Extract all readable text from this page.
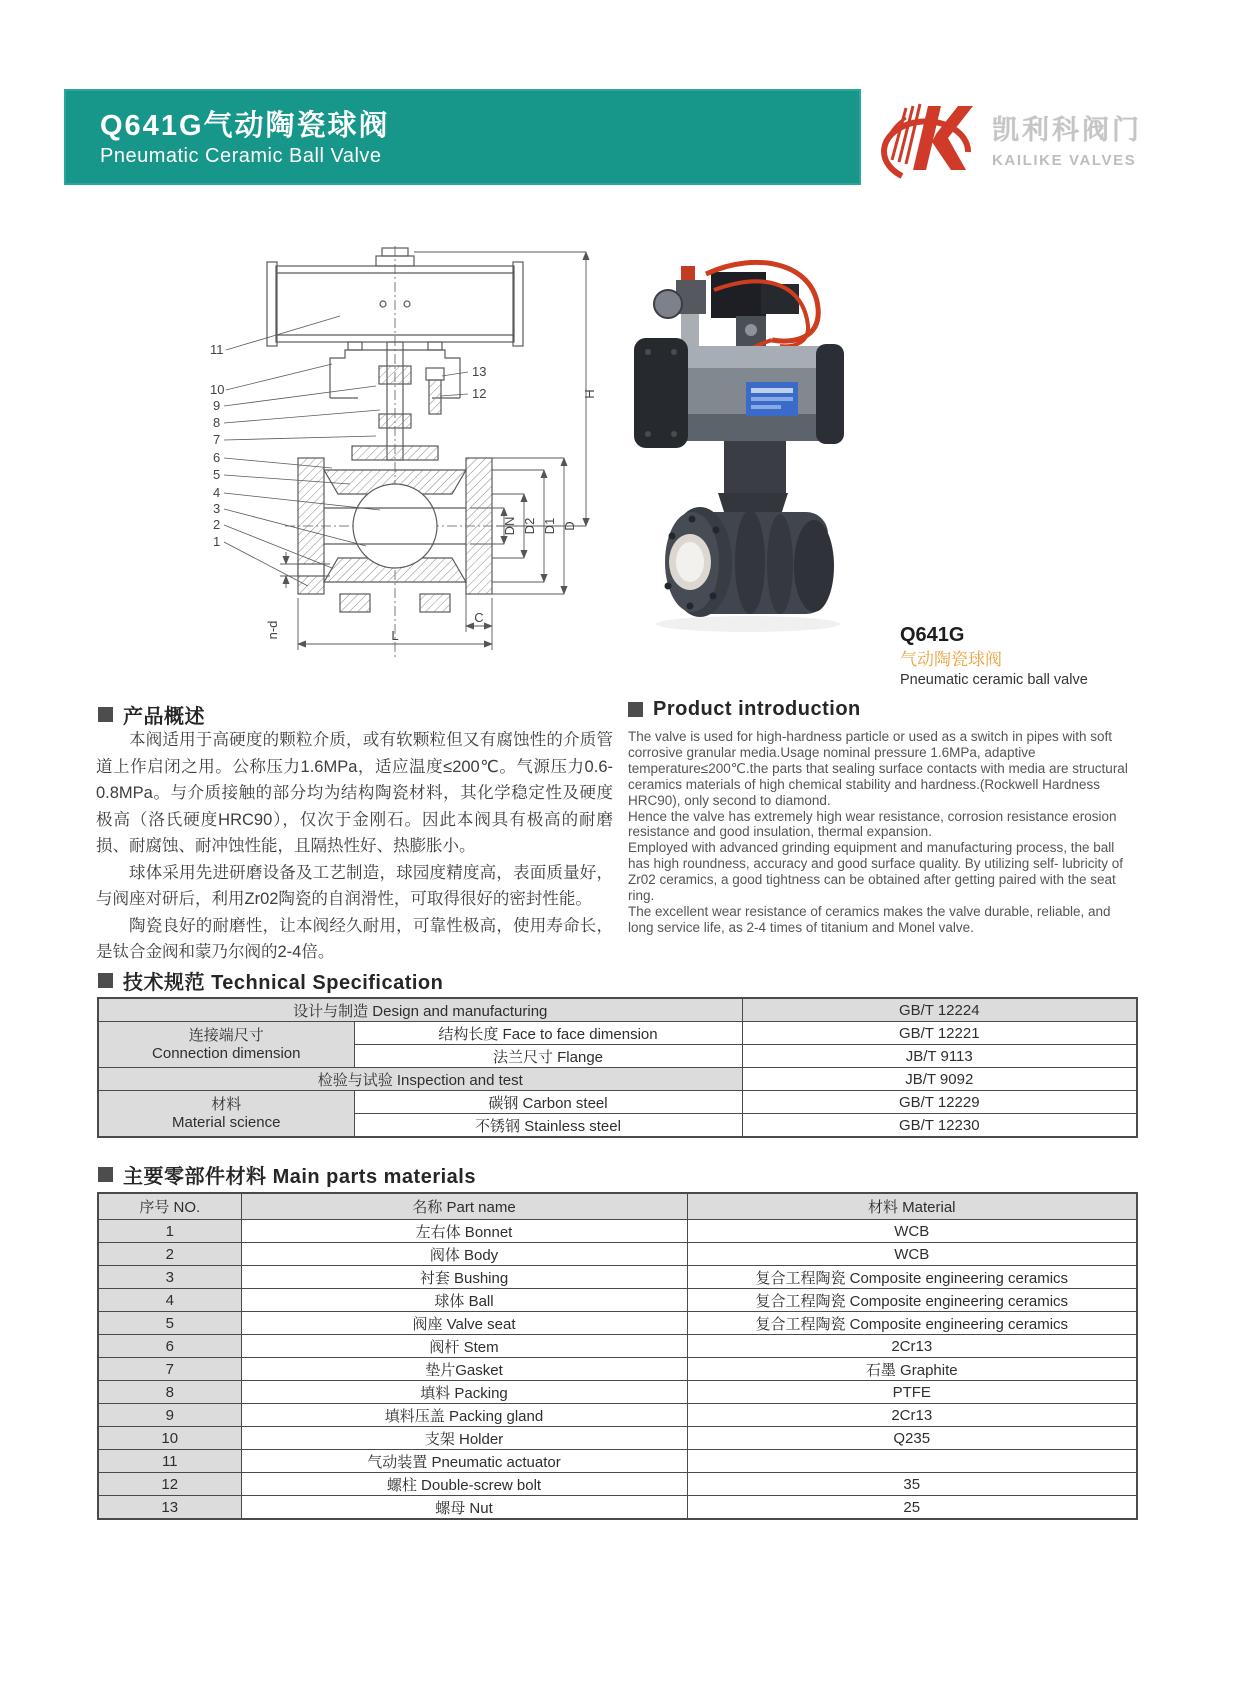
Q641G气动陶瓷球阀
Pneumatic Ceramic Ball Valve
凯利科阀门
KAILIKE VALVES
11
10
9
8
7
6
5
4
3
2
1
13
12	H
D
D1
D2
DN
L
C
n-d	Q641G
气动陶瓷球阀
Pneumatic ceramic ball valve
产品概述

本阀适用于高硬度的颗粒介质，或有软颗粒但又有腐蚀性的介质管道上作启闭之用。公称压力1.6MPa，适应温度≤200℃。气源压力0.6-0.8MPa。与介质接触的部分均为结构陶瓷材料，其化学稳定性及硬度极高（洛氏硬度HRC90），仅次于金刚石。因此本阀具有极高的耐磨损、耐腐蚀、耐冲蚀性能，且隔热性好、热膨胀小。

球体采用先进研磨设备及工艺制造，球园度精度高，表面质量好，与阀座对研后，利用Zr02陶瓷的自润滑性，可取得很好的密封性能。

陶瓷良好的耐磨性，让本阀经久耐用，可靠性极高，使用寿命长，是钛合金阀和蒙乃尔阀的2-4倍。

Product introduction

The valve is used for high-hardness particle or used as a switch in pipes with soft corrosive granular media.Usage nominal pressure 1.6MPa, adaptive temperature≤200℃.the parts that sealing surface contacts with media are structural ceramics materials of high chemical stability and hardness.(Rockwell Hardness HRC90), only second to diamond.

Hence the valve has extremely high wear resistance, corrosion resistance erosion resistance and good insulation, thermal expansion.

Employed with advanced grinding equipment and manufacturing process, the ball has high roundness, accuracy and good surface quality. By utilizing self- lubricity of Zr02 ceramics, a good tightness can be obtained after getting paired with the seat ring.

The excellent wear resistance of ceramics makes the valve durable, reliable, and long service life, as 2-4 times of titanium and Monel valve.

技术规范 Technical Specification
设计与制造 Design and manufacturing		GB/T 12224

连接端尺寸
Connection dimension	结构长度 Face to face dimension	GB/T 12221
	法兰尺寸 Flange	JB/T 9113
检验与试验 Inspection and test		JB/T 9092

材料
Material science	碳钢 Carbon steel	GB/T 12229
	不锈钢 Stainless steel	GB/T 12230
主要零部件材料 Main parts materials
序号 NO.	名称 Part name	材料 Material
1	左右体 Bonnet	WCB
2	阀体 Body	WCB
3	衬套 Bushing	复合工程陶瓷 Composite engineering ceramics
4	球体 Ball	复合工程陶瓷 Composite engineering ceramics
5	阀座 Valve seat	复合工程陶瓷 Composite engineering ceramics
6	阀杆 Stem	2Cr13
7	垫片Gasket	石墨 Graphite
8	填料 Packing	PTFE
9	填料压盖 Packing gland	2Cr13
10	支架 Holder	Q235
11	气动装置 Pneumatic actuator	
12	螺柱 Double-screw bolt	35
13	螺母 Nut	25
